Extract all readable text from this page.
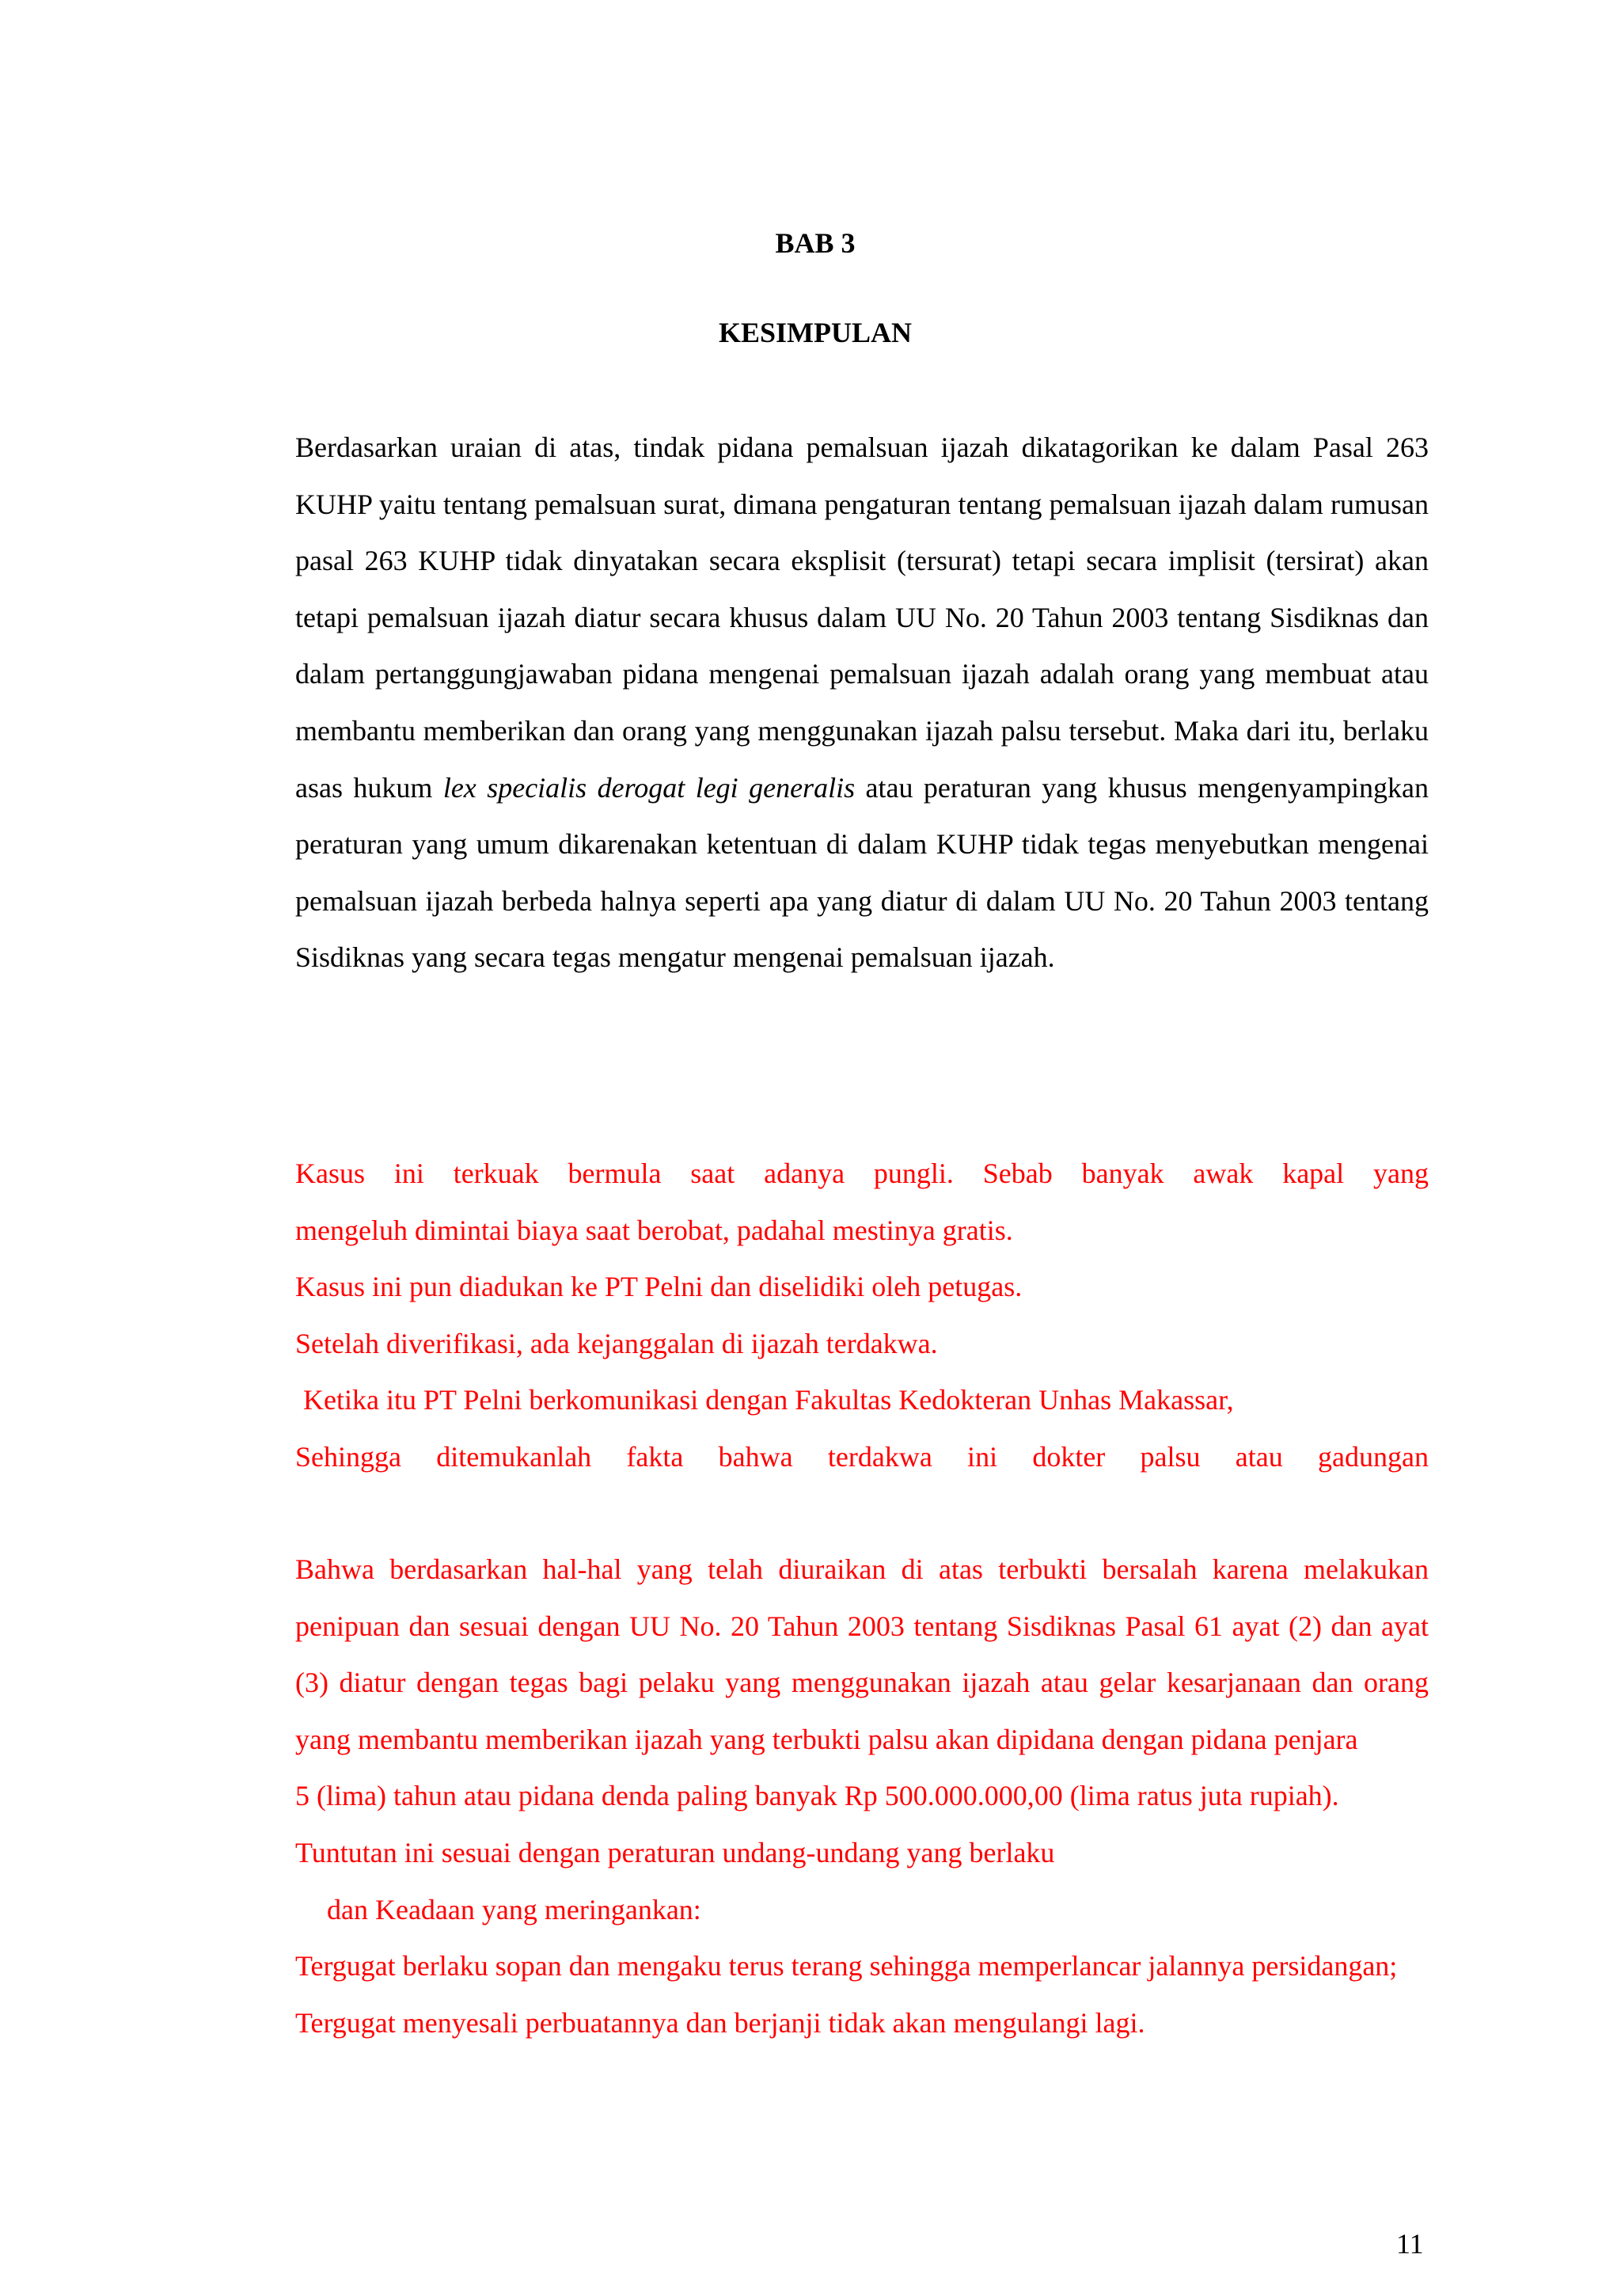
BAB 3

KESIMPULAN

Berdasarkan uraian di atas, tindak pidana pemalsuan ijazah dikatagorikan ke dalam Pasal 263 KUHP yaitu tentang pemalsuan surat, dimana pengaturan tentang pemalsuan ijazah dalam rumusan pasal 263 KUHP tidak dinyatakan secara eksplisit (tersurat) tetapi secara implisit (tersirat) akan tetapi pemalsuan ijazah diatur secara khusus dalam UU No. 20 Tahun 2003 tentang Sisdiknas dan dalam pertanggungjawaban pidana mengenai pemalsuan ijazah adalah orang yang membuat atau membantu memberikan dan orang yang menggunakan ijazah palsu tersebut. Maka dari itu, berlaku asas hukum lex specialis derogat legi generalis atau peraturan yang khusus mengenyampingkan peraturan yang umum dikarenakan ketentuan di dalam KUHP tidak tegas menyebutkan mengenai pemalsuan ijazah berbeda halnya seperti apa yang diatur di dalam UU No. 20 Tahun 2003 tentang Sisdiknas yang secara tegas mengatur mengenai pemalsuan ijazah.

Kasus ini terkuak bermula saat adanya pungli. Sebab banyak awak kapal yang
mengeluh dimintai biaya saat berobat, padahal mestinya gratis.
Kasus ini pun diadukan ke PT Pelni dan diselidiki oleh petugas.
Setelah diverifikasi, ada kejanggalan di ijazah terdakwa.
Ketika itu PT Pelni berkomunikasi dengan Fakultas Kedokteran Unhas Makassar,
Sehingga ditemukanlah fakta bahwa terdakwa ini dokter palsu atau gadungan

Bahwa berdasarkan hal-hal yang telah diuraikan di atas terbukti bersalah karena melakukan penipuan dan sesuai dengan UU No. 20 Tahun 2003 tentang Sisdiknas Pasal 61 ayat (2) dan ayat (3) diatur dengan tegas bagi pelaku yang menggunakan ijazah atau gelar kesarjanaan dan orang yang membantu memberikan ijazah yang terbukti palsu akan dipidana dengan pidana penjara

5 (lima) tahun atau pidana denda paling banyak Rp 500.000.000,00 (lima ratus juta rupiah).

Tuntutan ini sesuai dengan peraturan undang-undang yang berlaku
dan Keadaan yang meringankan:

Tergugat berlaku sopan dan mengaku terus terang sehingga memperlancar jalannya persidangan;

Tergugat menyesali perbuatannya dan berjanji tidak akan mengulangi lagi.

11
